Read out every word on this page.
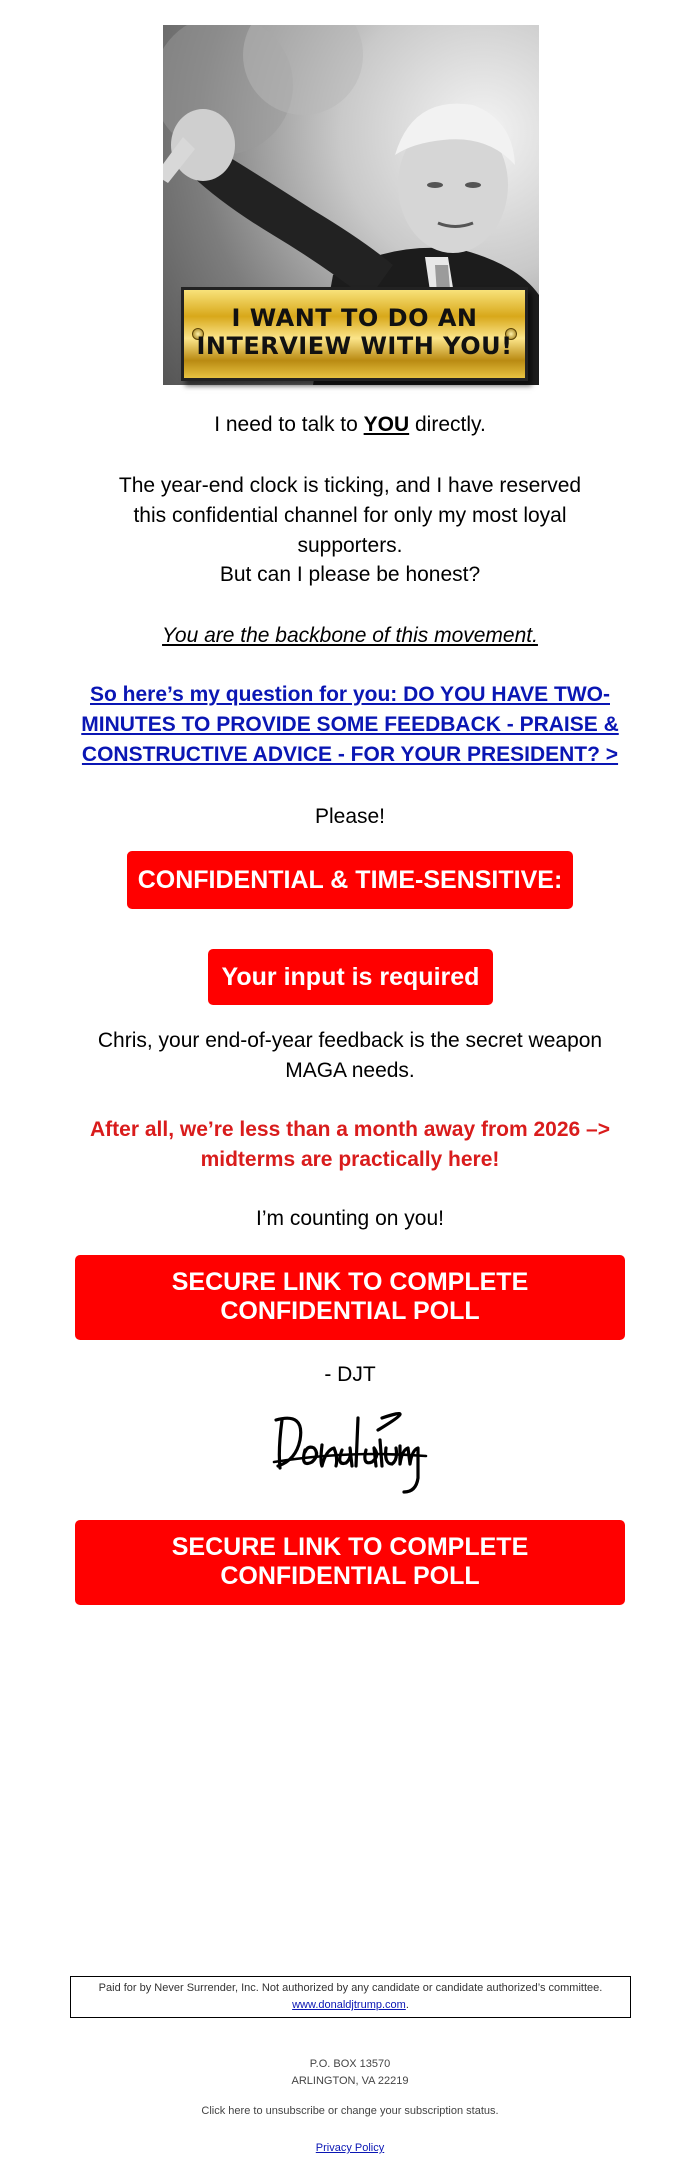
I WANT TO DO AN
INTERVIEW WITH YOU!
I need to talk to YOU directly.
The year-end clock is ticking, and I have reserved this confidential channel for only my most loyal supporters.
But can I please be honest?
You are the backbone of this movement.
So here’s my question for you: DO YOU HAVE TWO-MINUTES TO PROVIDE SOME FEEDBACK - PRAISE & CONSTRUCTIVE ADVICE - FOR YOUR PRESIDENT? >
Please!
CONFIDENTIAL & TIME-SENSITIVE:
Your input is required
Chris, your end-of-year feedback is the secret weapon MAGA needs.
After all, we’re less than a month away from 2026 –> midterms are practically here!
I’m counting on you!
SECURE LINK TO COMPLETE CONFIDENTIAL POLL
- DJT
SECURE LINK TO COMPLETE CONFIDENTIAL POLL
Paid for by Never Surrender, Inc. Not authorized by any candidate or candidate authorized’s committee.
www.donaldjtrump.com.
P.O. BOX 13570
ARLINGTON, VA 22219
Click here to unsubscribe or change your subscription status.
Privacy Policy
